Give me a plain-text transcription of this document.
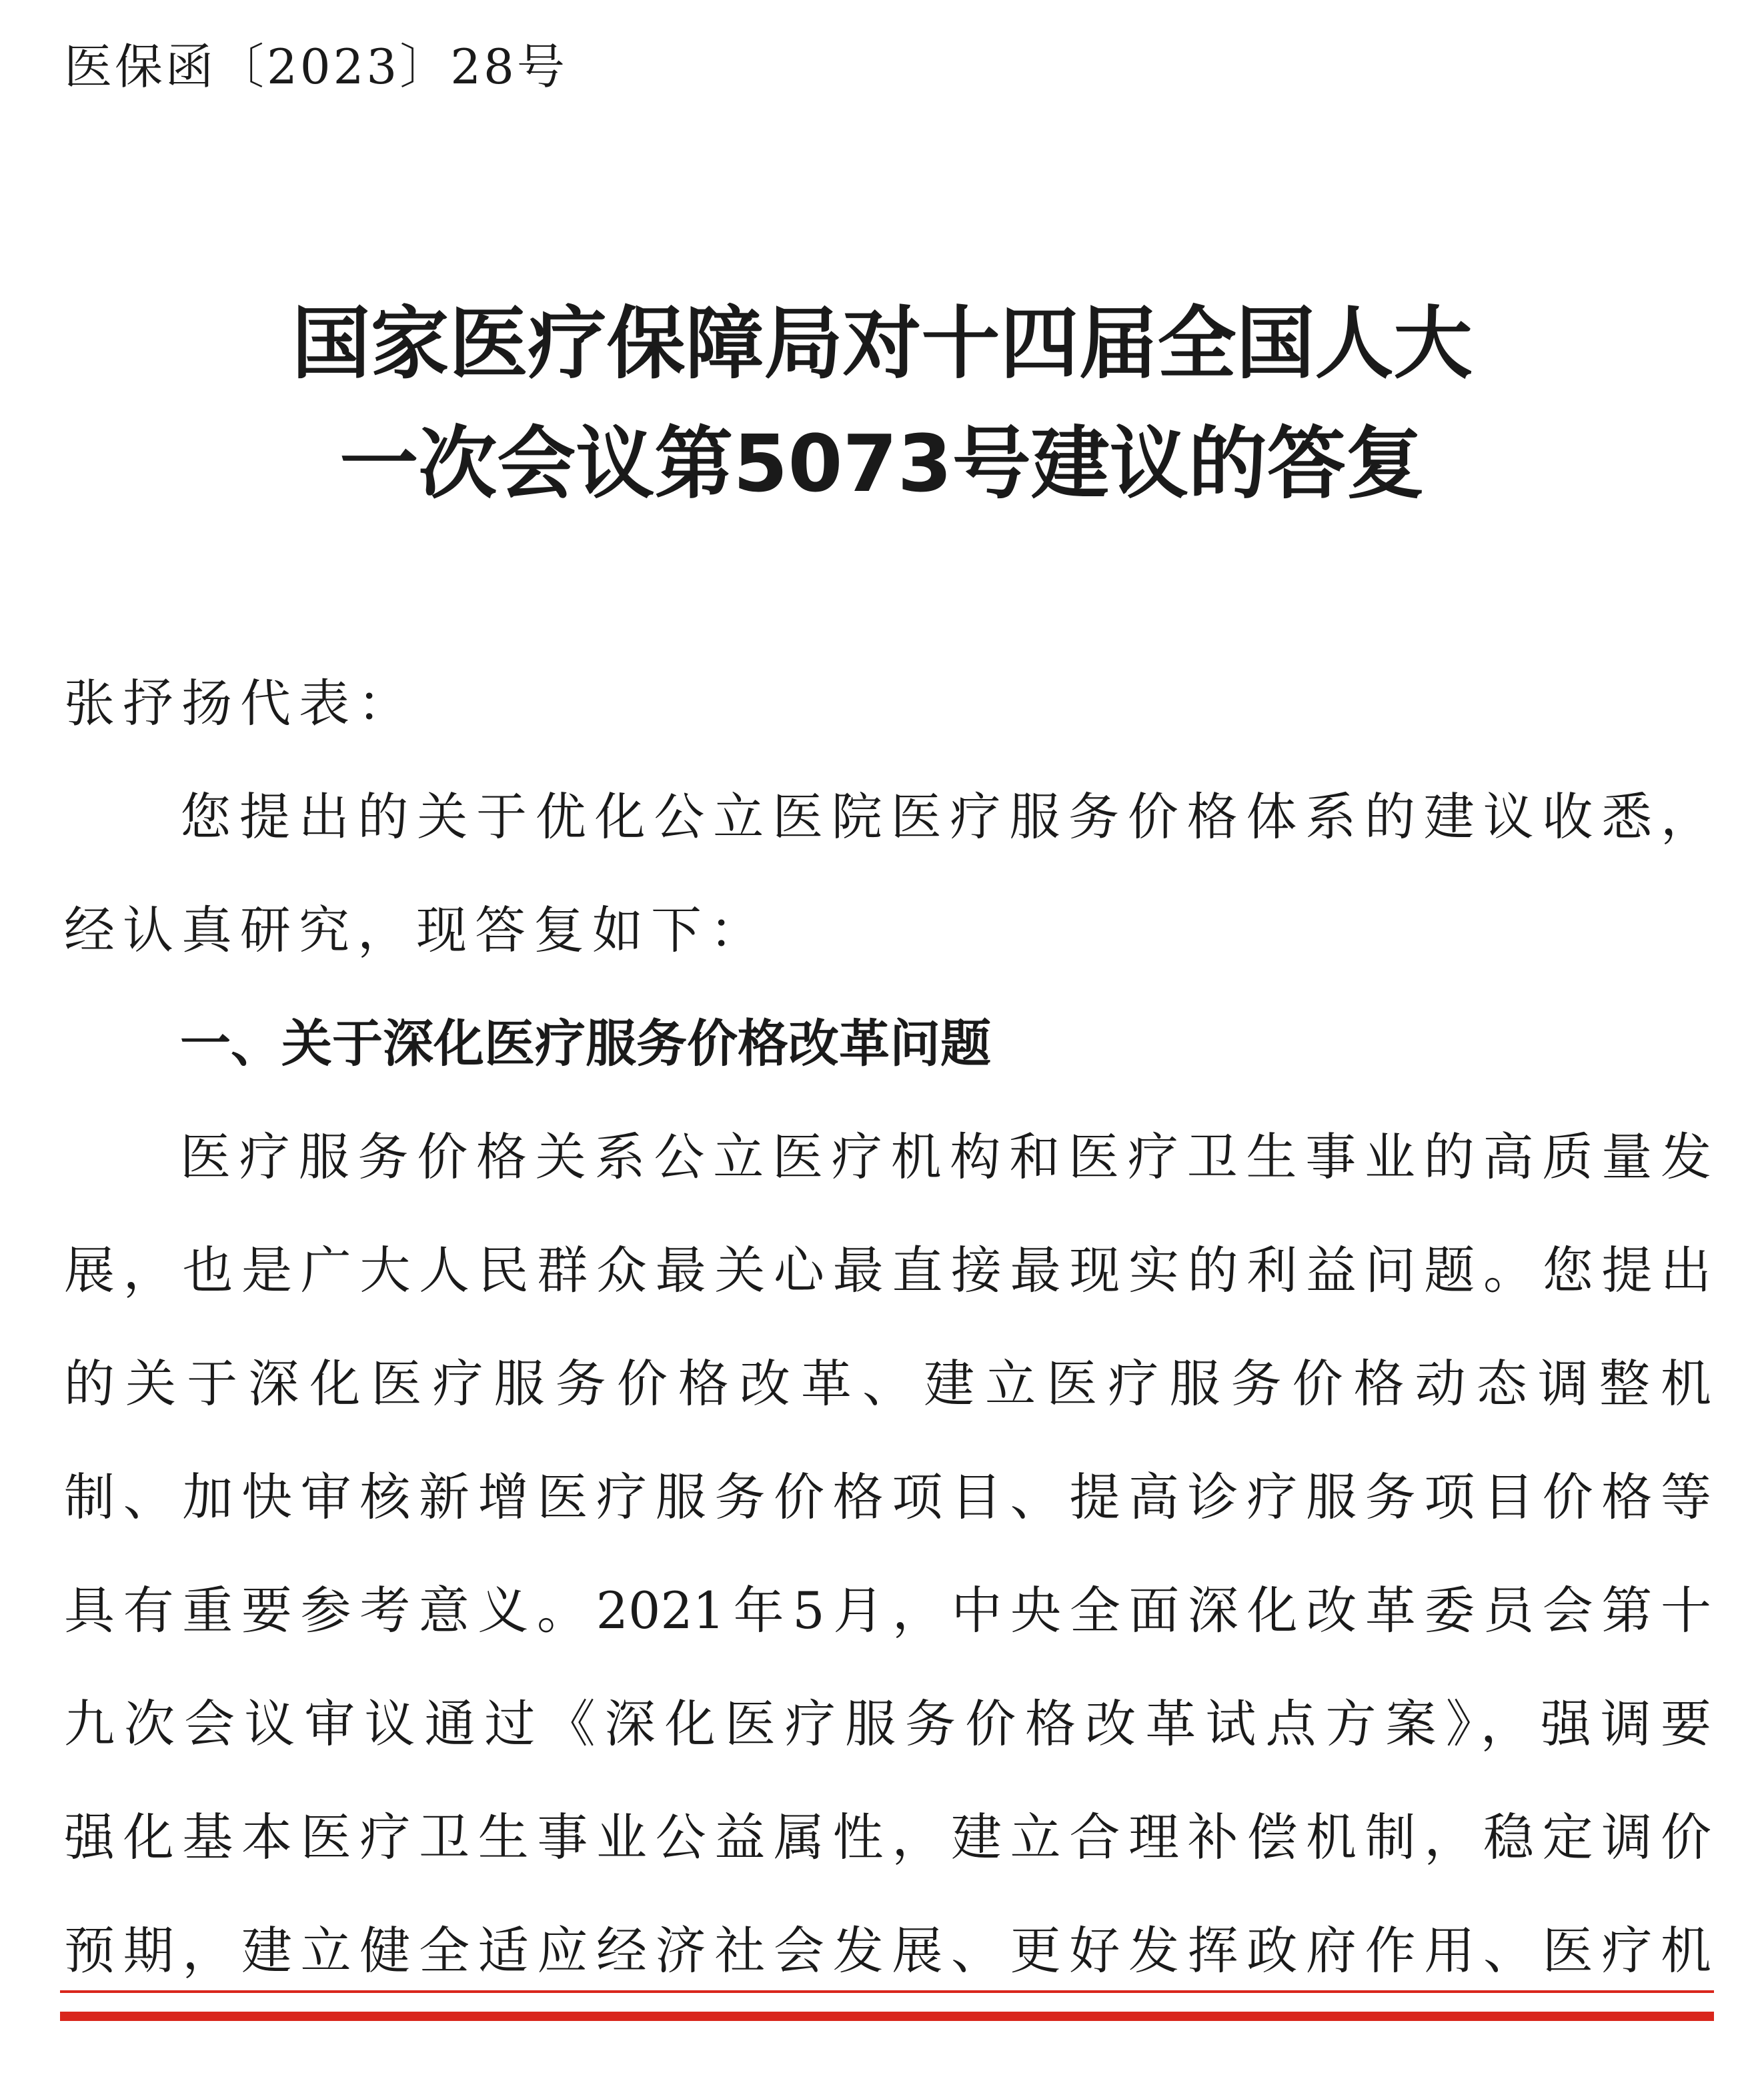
医保函〔2023〕28号
国家医疗保障局对十四届全国人大
一次会议第5073号建议的答复
张抒扬代表：
您提出的关于优化公立医院医疗服务价格体系的建议收悉，
经认真研究，现答复如下：
一、关于深化医疗服务价格改革问题
医疗服务价格关系公立医疗机构和医疗卫生事业的高质量发
展，也是广大人民群众最关心最直接最现实的利益问题。您提出
的关于深化医疗服务价格改革、建立医疗服务价格动态调整机
制、加快审核新增医疗服务价格项目、提高诊疗服务项目价格等
具有重要参考意义。2021年5月，中央全面深化改革委员会第十
九次会议审议通过《深化医疗服务价格改革试点方案》，强调要
强化基本医疗卫生事业公益属性，建立合理补偿机制，稳定调价
预期，建立健全适应经济社会发展、更好发挥政府作用、医疗机
